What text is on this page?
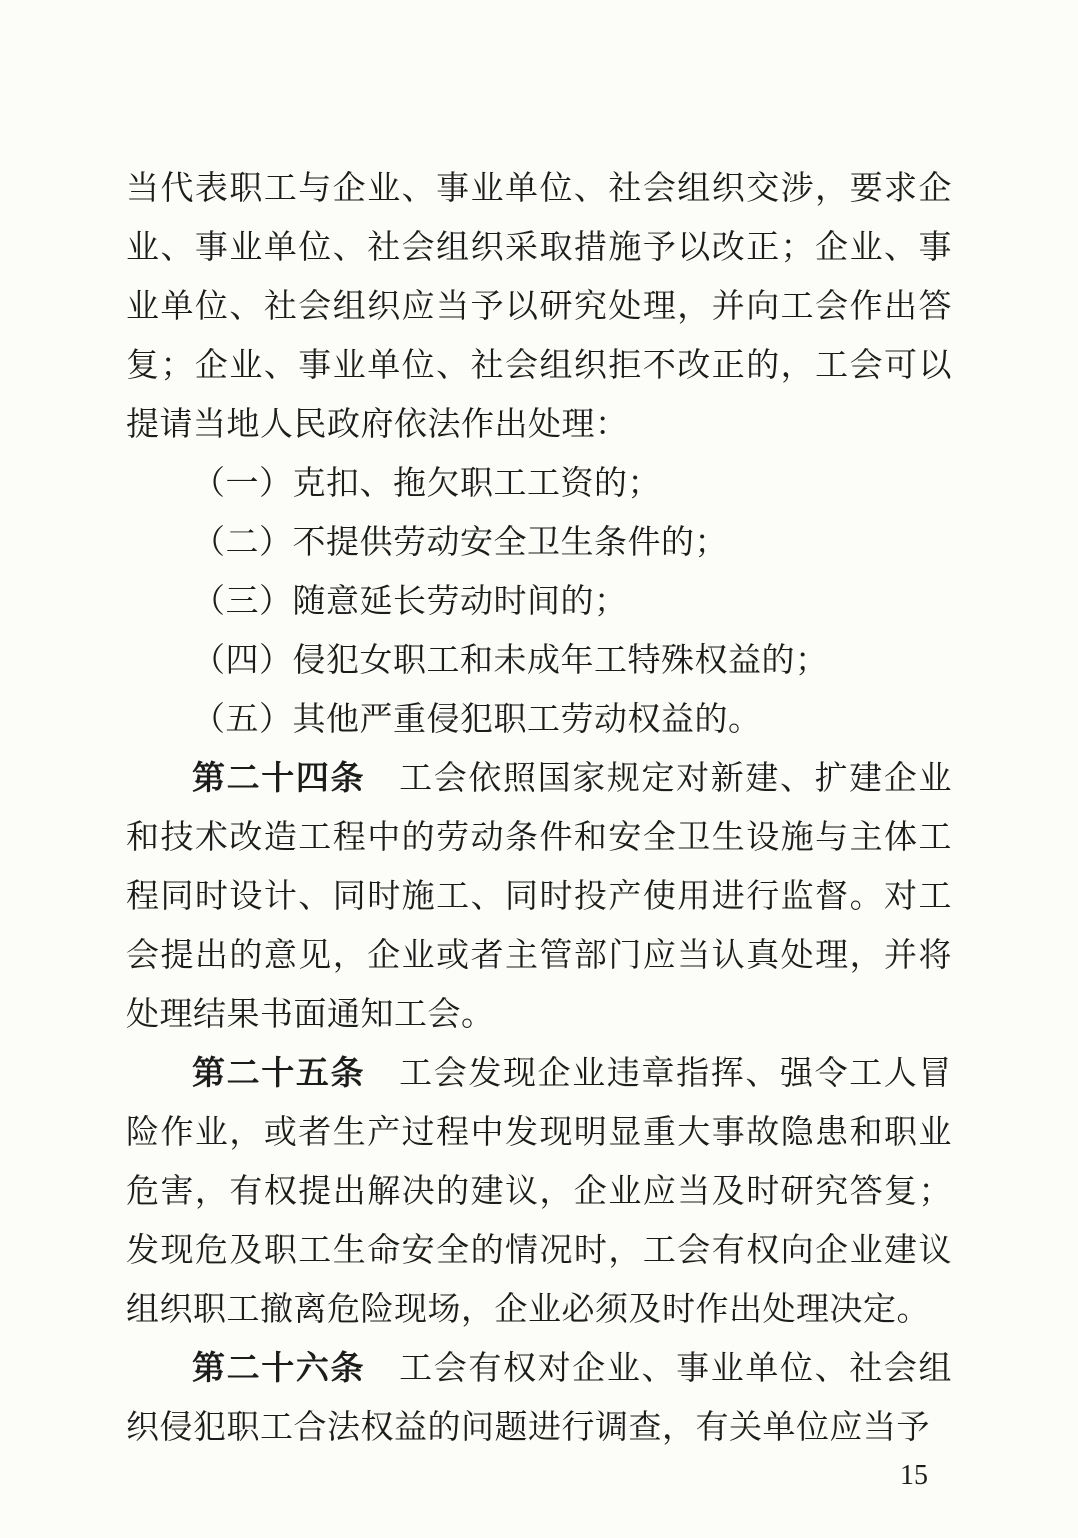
当代表职工与企业、事业单位、社会组织交涉，要求企业、事业单位、社会组织采取措施予以改正；企业、事业单位、社会组织应当予以研究处理，并向工会作出答复；企业、事业单位、社会组织拒不改正的，工会可以提请当地人民政府依法作出处理：

（一）克扣、拖欠职工工资的；

（二）不提供劳动安全卫生条件的；

（三）随意延长劳动时间的；

（四）侵犯女职工和未成年工特殊权益的；

（五）其他严重侵犯职工劳动权益的。

第二十四条 工会依照国家规定对新建、扩建企业和技术改造工程中的劳动条件和安全卫生设施与主体工程同时设计、同时施工、同时投产使用进行监督。对工会提出的意见，企业或者主管部门应当认真处理，并将处理结果书面通知工会。

第二十五条 工会发现企业违章指挥、强令工人冒险作业，或者生产过程中发现明显重大事故隐患和职业危害，有权提出解决的建议，企业应当及时研究答复；发现危及职工生命安全的情况时，工会有权向企业建议组织职工撤离危险现场，企业必须及时作出处理决定。

第二十六条 工会有权对企业、事业单位、社会组织侵犯职工合法权益的问题进行调查，有关单位应当予

15
